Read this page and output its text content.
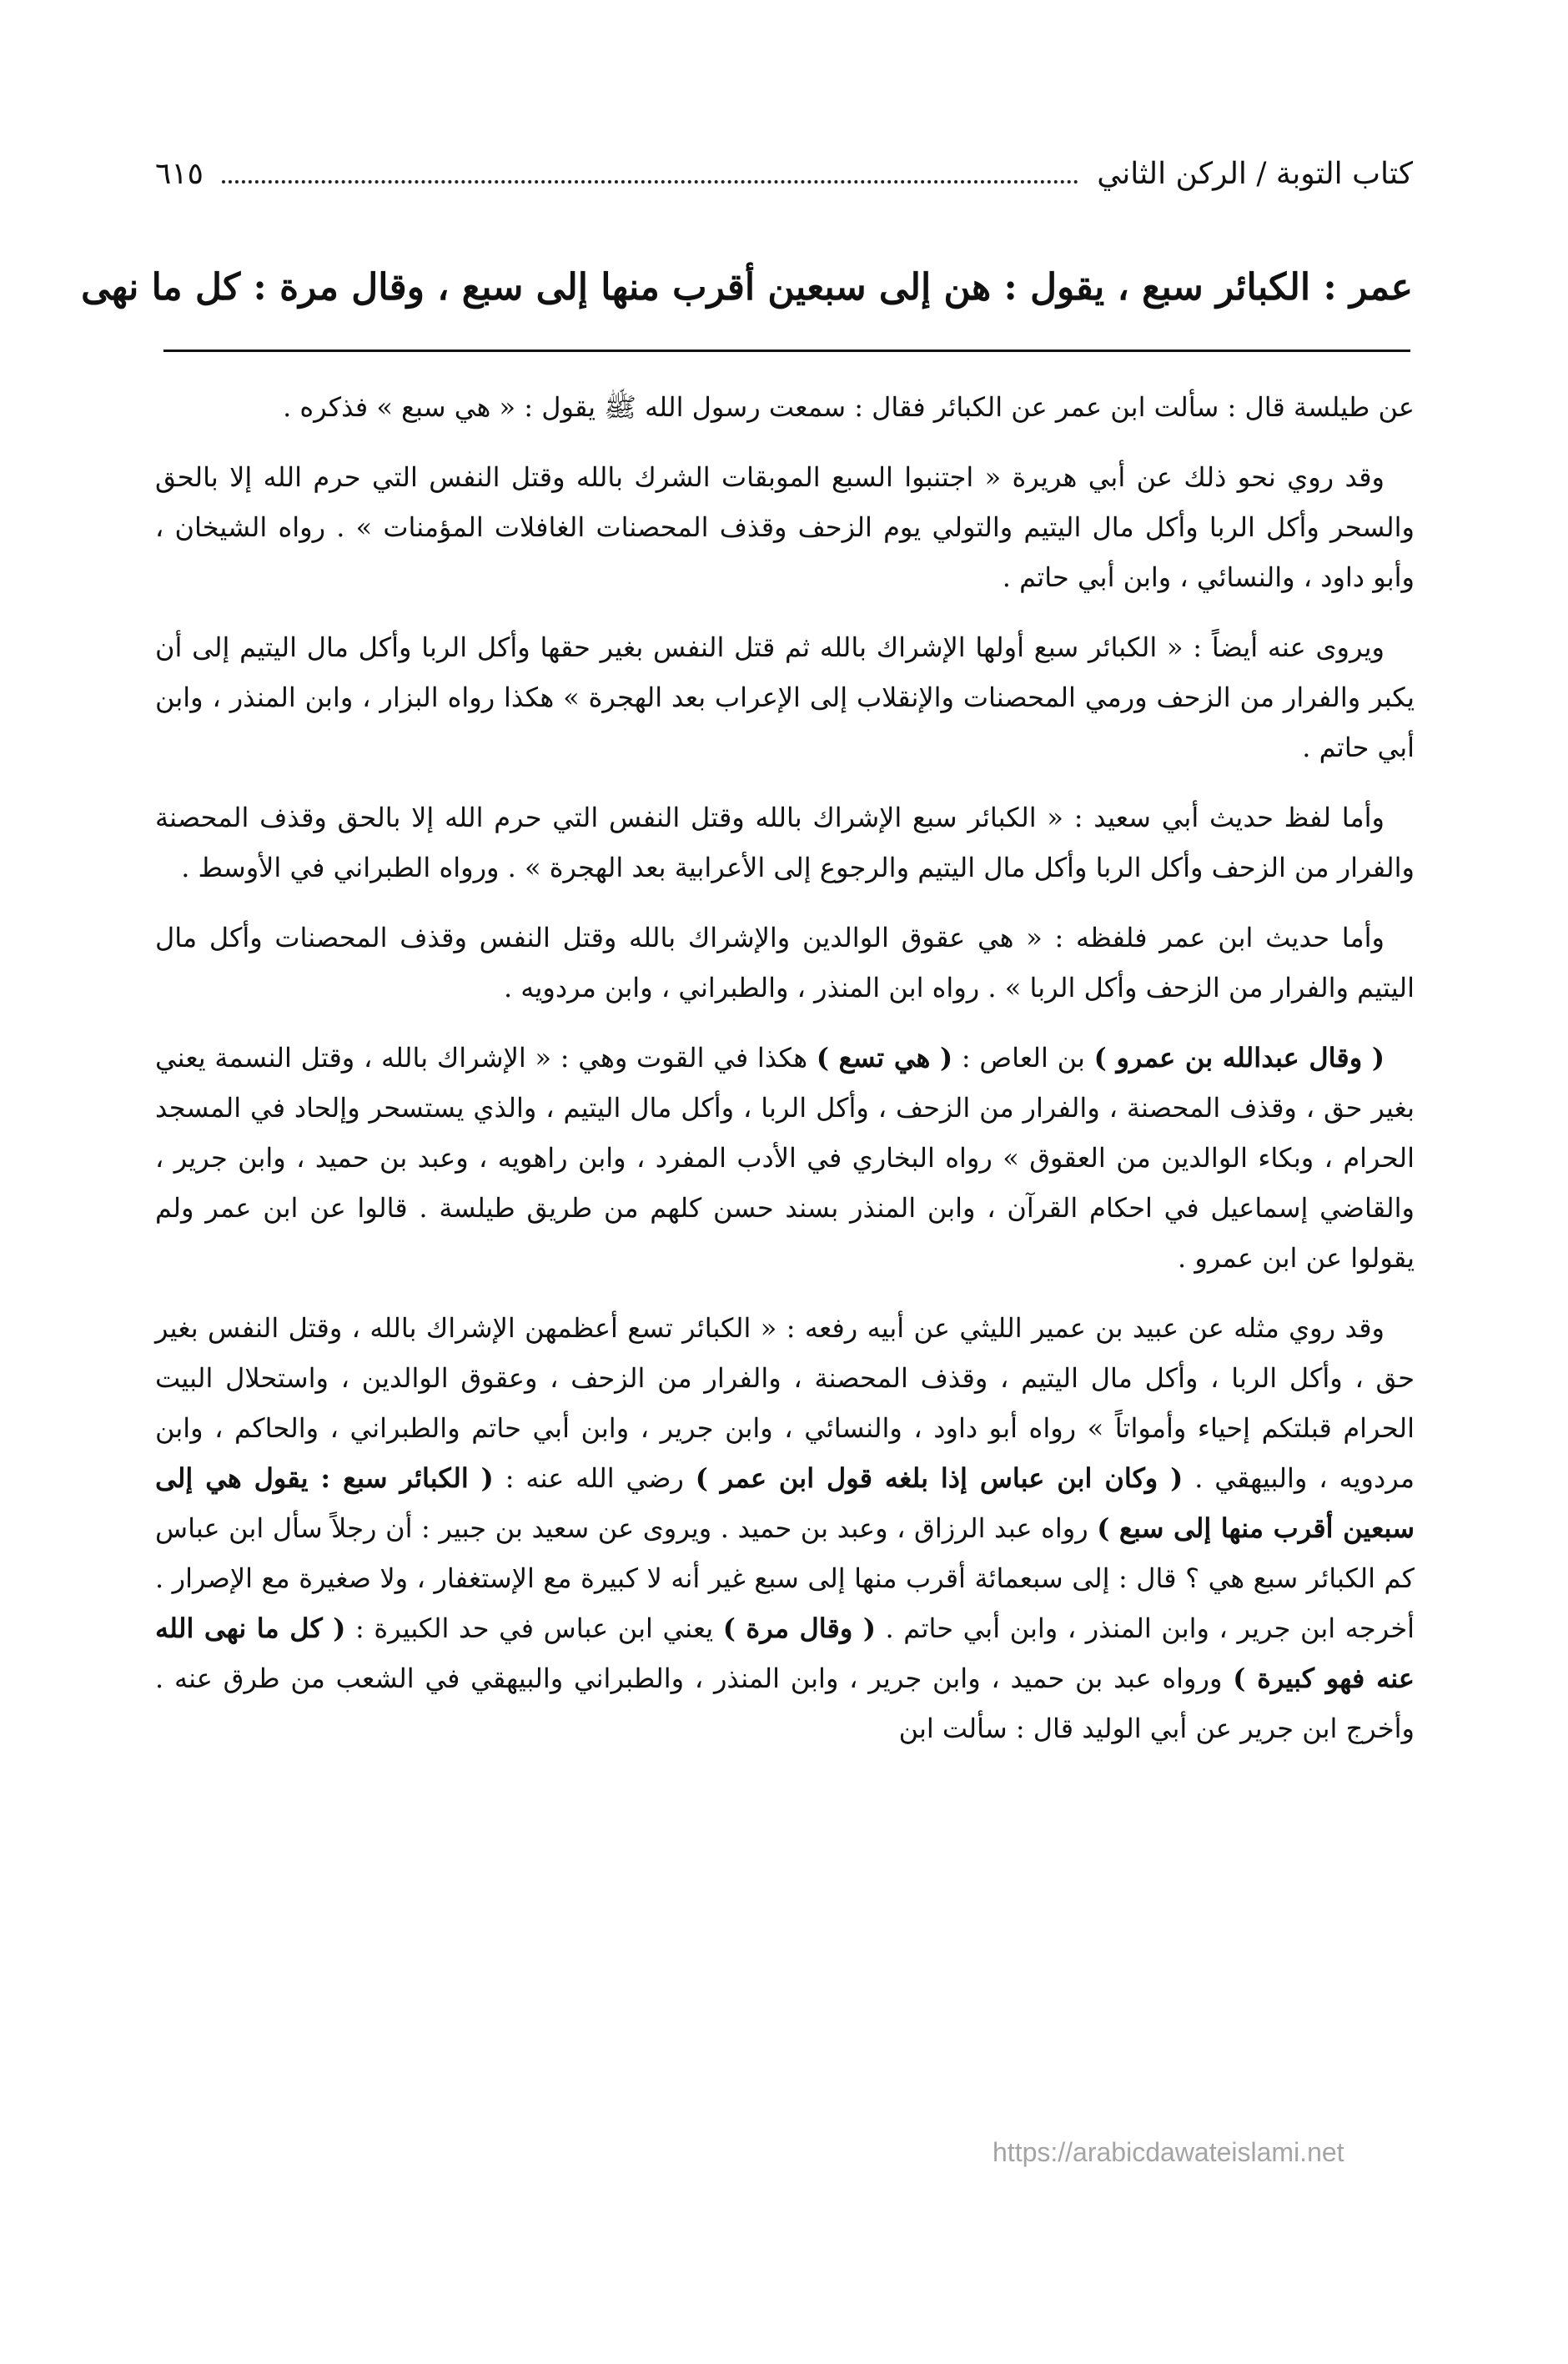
كتاب التوبة / الركن الثاني
٦١٥
عمر : الكبائر سبع ، يقول : هن إلى سبعين أقرب منها إلى سبع ، وقال مرة : كل ما نهى

عن طيلسة قال : سألت ابن عمر عن الكبائر فقال : سمعت رسول الله ﷺ يقول : « هي سبع » فذكره .

وقد روي نحو ذلك عن أبي هريرة « اجتنبوا السبع الموبقات الشرك بالله وقتل النفس التي حرم الله إلا بالحق والسحر وأكل الربا وأكل مال اليتيم والتولي يوم الزحف وقذف المحصنات الغافلات المؤمنات » . رواه الشيخان ، وأبو داود ، والنسائي ، وابن أبي حاتم .

ويروى عنه أيضاً : « الكبائر سبع أولها الإشراك بالله ثم قتل النفس بغير حقها وأكل الربا وأكل مال اليتيم إلى أن يكبر والفرار من الزحف ورمي المحصنات والإنقلاب إلى الإعراب بعد الهجرة » هكذا رواه البزار ، وابن المنذر ، وابن أبي حاتم .

وأما لفظ حديث أبي سعيد : « الكبائر سبع الإشراك بالله وقتل النفس التي حرم الله إلا بالحق وقذف المحصنة والفرار من الزحف وأكل الربا وأكل مال اليتيم والرجوع إلى الأعرابية بعد الهجرة » . ورواه الطبراني في الأوسط .

وأما حديث ابن عمر فلفظه : « هي عقوق الوالدين والإشراك بالله وقتل النفس وقذف المحصنات وأكل مال اليتيم والفرار من الزحف وأكل الربا » . رواه ابن المنذر ، والطبراني ، وابن مردويه .

( وقال عبدالله بن عمرو ) بن العاص : ( هي تسع ) هكذا في القوت وهي : « الإشراك بالله ، وقتل النسمة يعني بغير حق ، وقذف المحصنة ، والفرار من الزحف ، وأكل الربا ، وأكل مال اليتيم ، والذي يستسحر وإلحاد في المسجد الحرام ، وبكاء الوالدين من العقوق » رواه البخاري في الأدب المفرد ، وابن راهويه ، وعبد بن حميد ، وابن جرير ، والقاضي إسماعيل في احكام القرآن ، وابن المنذر بسند حسن كلهم من طريق طيلسة . قالوا عن ابن عمر ولم يقولوا عن ابن عمرو .

وقد روي مثله عن عبيد بن عمير الليثي عن أبيه رفعه : « الكبائر تسع أعظمهن الإشراك بالله ، وقتل النفس بغير حق ، وأكل الربا ، وأكل مال اليتيم ، وقذف المحصنة ، والفرار من الزحف ، وعقوق الوالدين ، واستحلال البيت الحرام قبلتكم إحياء وأمواتاً » رواه أبو داود ، والنسائي ، وابن جرير ، وابن أبي حاتم والطبراني ، والحاكم ، وابن مردويه ، والبيهقي . ( وكان ابن عباس إذا بلغه قول ابن عمر ) رضي الله عنه : ( الكبائر سبع : يقول هي إلى سبعين أقرب منها إلى سبع ) رواه عبد الرزاق ، وعبد بن حميد . ويروى عن سعيد بن جبير : أن رجلاً سأل ابن عباس كم الكبائر سبع هي ؟ قال : إلى سبعمائة أقرب منها إلى سبع غير أنه لا كبيرة مع الإستغفار ، ولا صغيرة مع الإصرار . أخرجه ابن جرير ، وابن المنذر ، وابن أبي حاتم . ( وقال مرة ) يعني ابن عباس في حد الكبيرة : ( كل ما نهى الله عنه فهو كبيرة ) ورواه عبد بن حميد ، وابن جرير ، وابن المنذر ، والطبراني والبيهقي في الشعب من طرق عنه . وأخرج ابن جرير عن أبي الوليد قال : سألت ابن

https://arabicdawateislami.net
